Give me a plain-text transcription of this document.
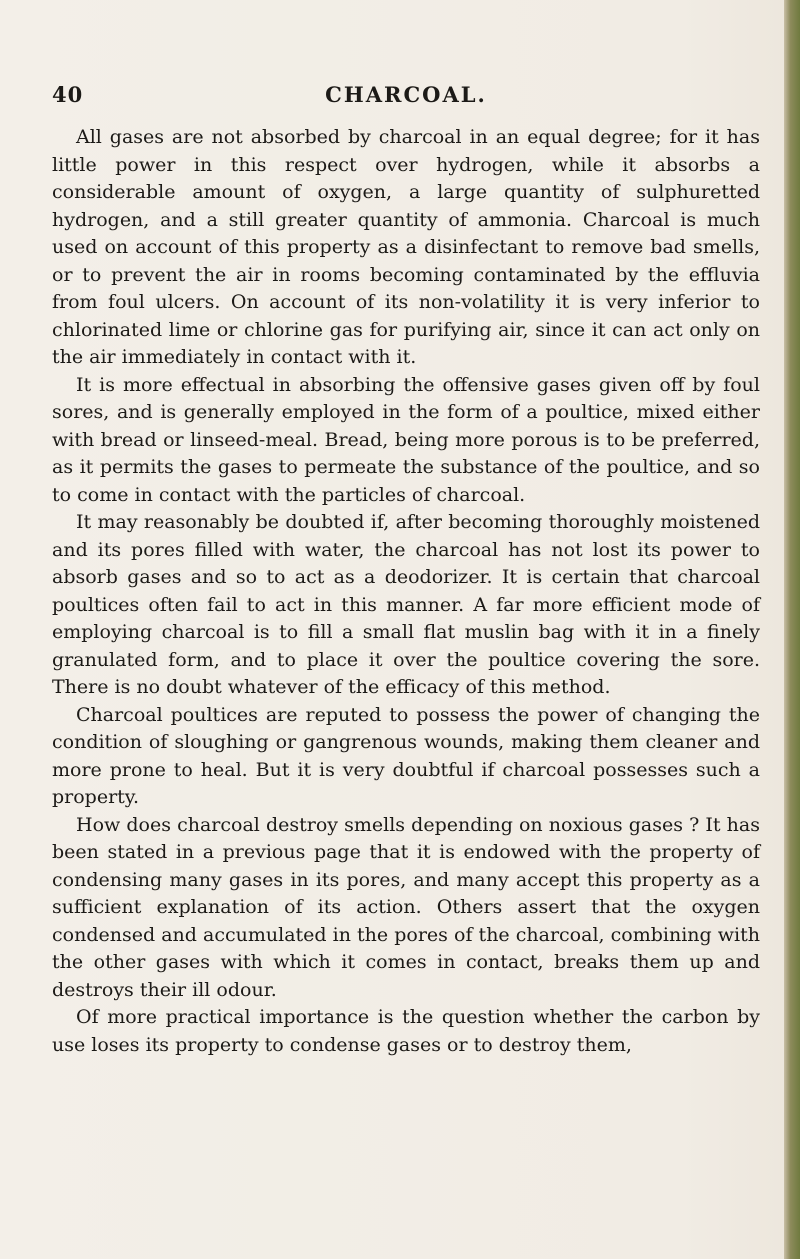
40	CHARCOAL.

All gases are not absorbed by charcoal in an equal degree; for it has little power in this respect over hydrogen, while it absorbs a considerable amount of oxygen, a large quantity of sulphuretted hydrogen, and a still greater quantity of ammonia. Charcoal is much used on account of this property as a disinfectant to remove bad smells, or to prevent the air in rooms becoming contaminated by the effluvia from foul ulcers. On account of its non-volatility it is very inferior to chlorinated lime or chlorine gas for purifying air, since it can act only on the air immediately in contact with it.

It is more effectual in absorbing the offensive gases given off by foul sores, and is generally employed in the form of a poultice, mixed either with bread or linseed-meal. Bread, being more porous is to be preferred, as it permits the gases to permeate the substance of the poultice, and so to come in contact with the particles of charcoal.

It may reasonably be doubted if, after becoming thoroughly moistened and its pores filled with water, the charcoal has not lost its power to absorb gases and so to act as a deodorizer. It is certain that charcoal poultices often fail to act in this manner. A far more efficient mode of employing charcoal is to fill a small flat muslin bag with it in a finely granulated form, and to place it over the poultice covering the sore. There is no doubt whatever of the efficacy of this method.

Charcoal poultices are reputed to possess the power of changing the condition of sloughing or gangrenous wounds, making them cleaner and more prone to heal. But it is very doubtful if charcoal possesses such a property.

How does charcoal destroy smells depending on noxious gases ? It has been stated in a previous page that it is endowed with the property of condensing many gases in its pores, and many accept this property as a sufficient explanation of its action. Others assert that the oxygen condensed and accumulated in the pores of the charcoal, combining with the other gases with which it comes in contact, breaks them up and destroys their ill odour.

Of more practical importance is the question whether the carbon by use loses its property to condense gases or to destroy them,
